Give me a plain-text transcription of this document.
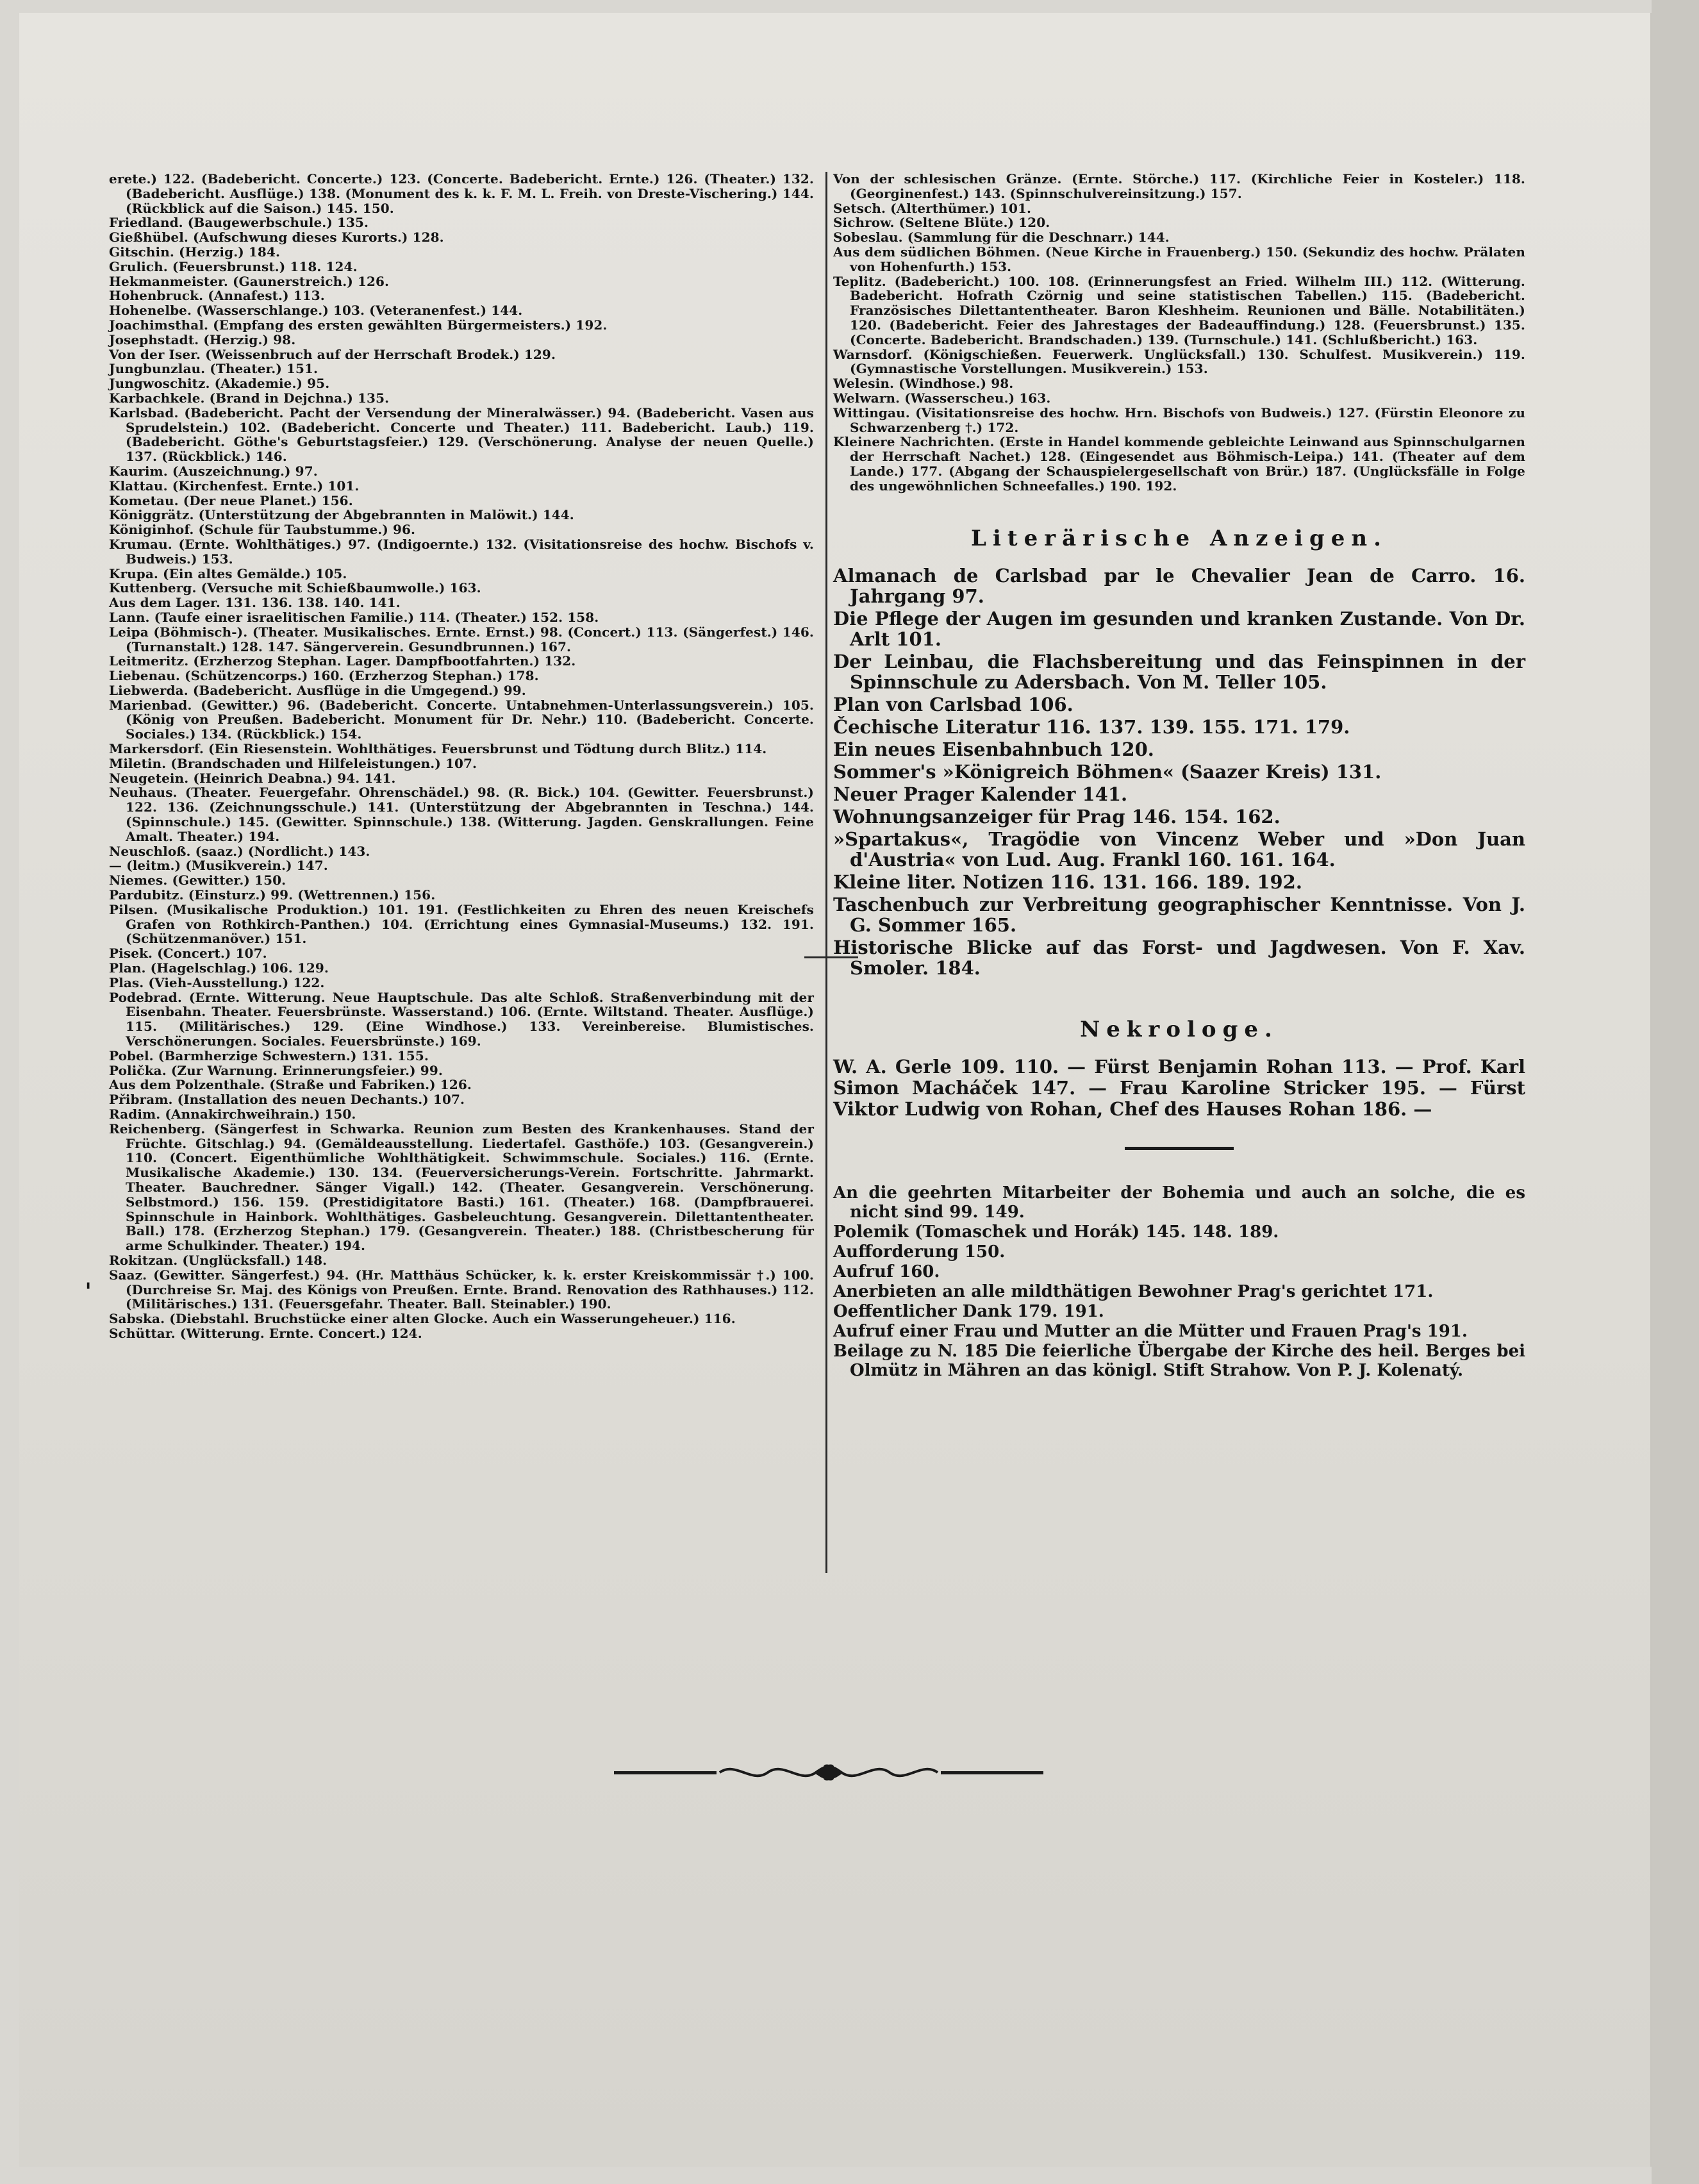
erete.) 122. (Badebericht. Concerte.) 123. (Concerte. Badebericht. Ernte.) 126. (Theater.) 132. (Badebericht. Ausflüge.) 138. (Monument des k. k. F. M. L. Freih. von Dreste-Vischering.) 144. (Rückblick auf die Saison.) 145. 150.

Friedland. (Baugewerbschule.) 135.

Gießhübel. (Aufschwung dieses Kurorts.) 128.

Gitschin. (Herzig.) 184.

Grulich. (Feuersbrunst.) 118. 124.

Hekmanmeister. (Gaunerstreich.) 126.

Hohenbruck. (Annafest.) 113.

Hohenelbe. (Wasserschlange.) 103. (Veteranenfest.) 144.

Joachimsthal. (Empfang des ersten gewählten Bürgermeisters.) 192.

Josephstadt. (Herzig.) 98.

Von der Iser. (Weissenbruch auf der Herrschaft Brodek.) 129.

Jungbunzlau. (Theater.) 151.

Jungwoschitz. (Akademie.) 95.

Karbachkele. (Brand in Dejchna.) 135.

Karlsbad. (Badebericht. Pacht der Versendung der Mineralwässer.) 94. (Badebericht. Vasen aus Sprudelstein.) 102. (Badebericht. Concerte und Theater.) 111. Badebericht. Laub.) 119. (Badebericht. Göthe's Geburtstagsfeier.) 129. (Verschönerung. Analyse der neuen Quelle.) 137. (Rückblick.) 146.

Kaurim. (Auszeichnung.) 97.

Klattau. (Kirchenfest. Ernte.) 101.

Kometau. (Der neue Planet.) 156.

Königgrätz. (Unterstützung der Abgebrannten in Malöwit.) 144.

Königinhof. (Schule für Taubstumme.) 96.

Krumau. (Ernte. Wohlthätiges.) 97. (Indigoernte.) 132. (Visitationsreise des hochw. Bischofs v. Budweis.) 153.

Krupa. (Ein altes Gemälde.) 105.

Kuttenberg. (Versuche mit Schießbaumwolle.) 163.

Aus dem Lager. 131. 136. 138. 140. 141.

Lann. (Taufe einer israelitischen Familie.) 114. (Theater.) 152. 158.

Leipa (Böhmisch-). (Theater. Musikalisches. Ernte. Ernst.) 98. (Concert.) 113. (Sängerfest.) 146. (Turnanstalt.) 128. 147. Sängerverein. Gesundbrunnen.) 167.

Leitmeritz. (Erzherzog Stephan. Lager. Dampfbootfahrten.) 132.

Liebenau. (Schützencorps.) 160. (Erzherzog Stephan.) 178.

Liebwerda. (Badebericht. Ausflüge in die Umgegend.) 99.

Marienbad. (Gewitter.) 96. (Badebericht. Concerte. Untabnehmen-Unterlassungsverein.) 105. (König von Preußen. Badebericht. Monument für Dr. Nehr.) 110. (Badebericht. Concerte. Sociales.) 134. (Rückblick.) 154.

Markersdorf. (Ein Riesenstein. Wohlthätiges. Feuersbrunst und Tödtung durch Blitz.) 114.

Miletin. (Brandschaden und Hilfeleistungen.) 107.

Neugetein. (Heinrich Deabna.) 94. 141.

Neuhaus. (Theater. Feuergefahr. Ohrenschädel.) 98. (R. Bick.) 104. (Gewitter. Feuersbrunst.) 122. 136. (Zeichnungsschule.) 141. (Unterstützung der Abgebrannten in Teschna.) 144. (Spinnschule.) 145. (Gewitter. Spinnschule.) 138. (Witterung. Jagden. Genskrallungen. Feine Amalt. Theater.) 194.

Neuschloß. (saaz.) (Nordlicht.) 143.

— (leitm.) (Musikverein.) 147.

Niemes. (Gewitter.) 150.

Pardubitz. (Einsturz.) 99. (Wettrennen.) 156.

Pilsen. (Musikalische Produktion.) 101. 191. (Festlichkeiten zu Ehren des neuen Kreischefs Grafen von Rothkirch-Panthen.) 104. (Errichtung eines Gymnasial-Museums.) 132. 191. (Schützenmanöver.) 151.

Pisek. (Concert.) 107.

Plan. (Hagelschlag.) 106. 129.

Plas. (Vieh-Ausstellung.) 122.

Podebrad. (Ernte. Witterung. Neue Hauptschule. Das alte Schloß. Straßenverbindung mit der Eisenbahn. Theater. Feuersbrünste. Wasserstand.) 106. (Ernte. Wiltstand. Theater. Ausflüge.) 115. (Militärisches.) 129. (Eine Windhose.) 133. Vereinbereise. Blumistisches. Verschönerungen. Sociales. Feuersbrünste.) 169.

Pobel. (Barmherzige Schwestern.) 131. 155.

Polička. (Zur Warnung. Erinnerungsfeier.) 99.

Aus dem Polzenthale. (Straße und Fabriken.) 126.

Přibram. (Installation des neuen Dechants.) 107.

Radim. (Annakirchweihrain.) 150.

Reichenberg. (Sängerfest in Schwarka. Reunion zum Besten des Krankenhauses. Stand der Früchte. Gitschlag.) 94. (Gemäldeausstellung. Liedertafel. Gasthöfe.) 103. (Gesangverein.) 110. (Concert. Eigenthümliche Wohlthätigkeit. Schwimmschule. Sociales.) 116. (Ernte. Musikalische Akademie.) 130. 134. (Feuerversicherungs-Verein. Fortschritte. Jahrmarkt. Theater. Bauchredner. Sänger Vigall.) 142. (Theater. Gesangverein. Verschönerung. Selbstmord.) 156. 159. (Prestidigitatore Basti.) 161. (Theater.) 168. (Dampfbrauerei. Spinnschule in Hainbork. Wohlthätiges. Gasbeleuchtung. Gesangverein. Dilettantentheater. Ball.) 178. (Erzherzog Stephan.) 179. (Gesangverein. Theater.) 188. (Christbescherung für arme Schulkinder. Theater.) 194.

Rokitzan. (Unglücksfall.) 148.

Saaz. (Gewitter. Sängerfest.) 94. (Hr. Matthäus Schücker, k. k. erster Kreiskommissär †.) 100. (Durchreise Sr. Maj. des Königs von Preußen. Ernte. Brand. Renovation des Rathhauses.) 112. (Militärisches.) 131. (Feuersgefahr. Theater. Ball. Steinabler.) 190.

Sabska. (Diebstahl. Bruchstücke einer alten Glocke. Auch ein Wasserungeheuer.) 116.

Schüttar. (Witterung. Ernte. Concert.) 124.

ˌ

Von der schlesischen Gränze. (Ernte. Störche.) 117. (Kirchliche Feier in Kosteler.) 118. (Georginenfest.) 143. (Spinnschulvereinsitzung.) 157.

Setsch. (Alterthümer.) 101.

Sichrow. (Seltene Blüte.) 120.

Sobeslau. (Sammlung für die Deschnarr.) 144.

Aus dem südlichen Böhmen. (Neue Kirche in Frauenberg.) 150. (Sekundiz des hochw. Prälaten von Hohenfurth.) 153.

Teplitz. (Badebericht.) 100. 108. (Erinnerungsfest an Fried. Wilhelm III.) 112. (Witterung. Badebericht. Hofrath Czörnig und seine statistischen Tabellen.) 115. (Badebericht. Französisches Dilettantentheater. Baron Kleshheim. Reunionen und Bälle. Notabilitäten.) 120. (Badebericht. Feier des Jahrestages der Badeauffindung.) 128. (Feuersbrunst.) 135. (Concerte. Badebericht. Brandschaden.) 139. (Turnschule.) 141. (Schlußbericht.) 163.

Warnsdorf. (Königschießen. Feuerwerk. Unglücksfall.) 130. Schulfest. Musikverein.) 119. (Gymnastische Vorstellungen. Musikverein.) 153.

Welesin. (Windhose.) 98.

Welwarn. (Wasserscheu.) 163.

Wittingau. (Visitationsreise des hochw. Hrn. Bischofs von Budweis.) 127. (Fürstin Eleonore zu Schwarzenberg †.) 172.

Kleinere Nachrichten. (Erste in Handel kommende gebleichte Leinwand aus Spinnschulgarnen der Herrschaft Nachet.) 128. (Eingesendet aus Böhmisch-Leipa.) 141. (Theater auf dem Lande.) 177. (Abgang der Schauspielergesellschaft von Brür.) 187. (Unglücksfälle in Folge des ungewöhnlichen Schneefalles.) 190. 192.

Literärische Anzeigen.

Almanach de Carlsbad par le Chevalier Jean de Carro. 16. Jahrgang 97.

Die Pflege der Augen im gesunden und kranken Zustande. Von Dr. Arlt 101.

Der Leinbau, die Flachsbereitung und das Feinspinnen in der Spinnschule zu Adersbach. Von M. Teller 105.

Plan von Carlsbad 106.

Čechische Literatur 116. 137. 139. 155. 171. 179.

Ein neues Eisenbahnbuch 120.

Sommer's »Königreich Böhmen« (Saazer Kreis) 131.

Neuer Prager Kalender 141.

Wohnungsanzeiger für Prag 146. 154. 162.

»Spartakus«, Tragödie von Vincenz Weber und »Don Juan d'Austria« von Lud. Aug. Frankl 160. 161. 164.

Kleine liter. Notizen 116. 131. 166. 189. 192.

Taschenbuch zur Verbreitung geographischer Kenntnisse. Von J. G. Sommer 165.

Historische Blicke auf das Forst- und Jagdwesen. Von F. Xav. Smoler. 184.

Nekrologe.

W. A. Gerle 109. 110. — Fürst Benjamin Rohan 113. — Prof. Karl Simon Macháček 147. — Frau Karoline Stricker 195. — Fürst Viktor Ludwig von Rohan, Chef des Hauses Rohan 186. —

An die geehrten Mitarbeiter der Bohemia und auch an solche, die es nicht sind 99. 149.

Polemik (Tomaschek und Horák) 145. 148. 189.

Aufforderung 150.

Aufruf 160.

Anerbieten an alle mildthätigen Bewohner Prag's gerichtet 171.

Oeffentlicher Dank 179. 191.

Aufruf einer Frau und Mutter an die Mütter und Frauen Prag's 191.

Beilage zu N. 185 Die feierliche Übergabe der Kirche des heil. Berges bei Olmütz in Mähren an das königl. Stift Strahow. Von P. J. Kolenatý.
